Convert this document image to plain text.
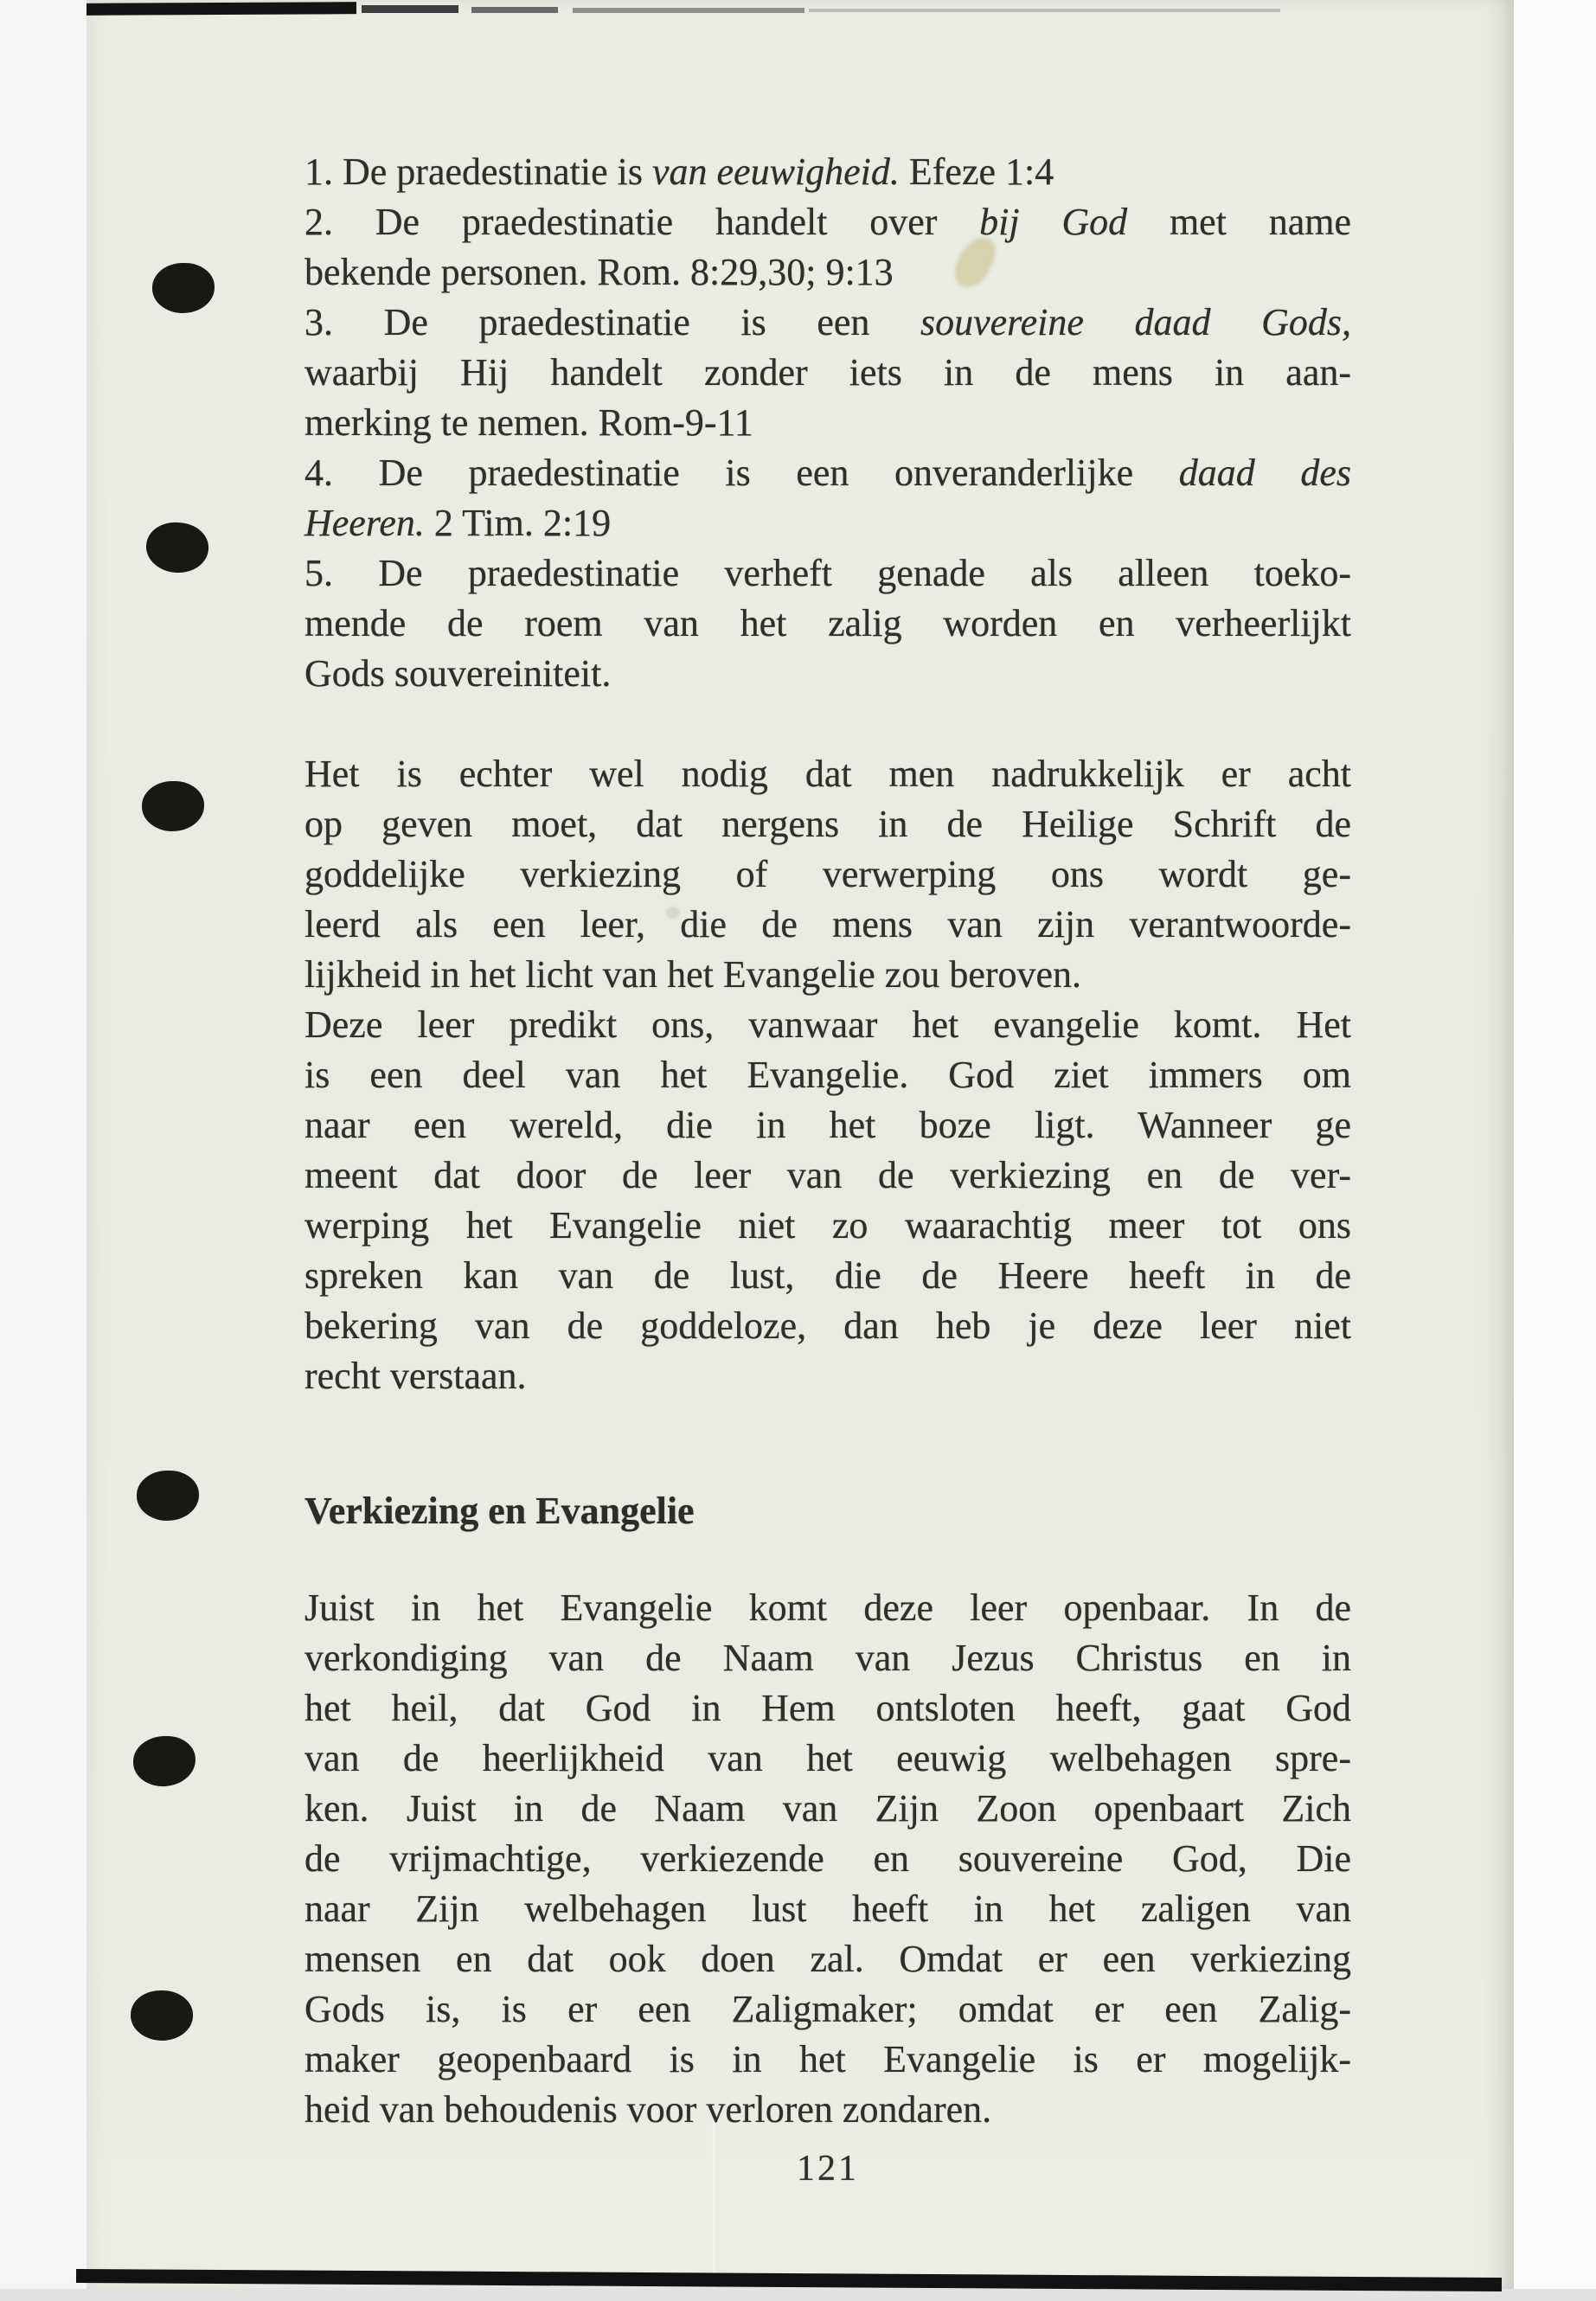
1. De praedestinatie is van eeuwigheid. Efeze 1:4
2. De praedestinatie handelt over bij God met name
bekende personen. Rom. 8:29,30; 9:13
3. De praedestinatie is een souvereine daad Gods,
waarbij Hij handelt zonder iets in de mens in aan-
merking te nemen. Rom-9-11
4. De praedestinatie is een onveranderlijke daad des
Heeren. 2 Tim. 2:19
5. De praedestinatie verheft genade als alleen toeko-
mende de roem van het zalig worden en verheerlijkt
Gods souvereiniteit.
Het is echter wel nodig dat men nadrukkelijk er acht
op geven moet, dat nergens in de Heilige Schrift de
goddelijke verkiezing of verwerping ons wordt ge-
leerd als een leer, die de mens van zijn verantwoorde-
lijkheid in het licht van het Evangelie zou beroven.
Deze leer predikt ons, vanwaar het evangelie komt. Het
is een deel van het Evangelie. God ziet immers om
naar een wereld, die in het boze ligt. Wanneer ge
meent dat door de leer van de verkiezing en de ver-
werping het Evangelie niet zo waarachtig meer tot ons
spreken kan van de lust, die de Heere heeft in de
bekering van de goddeloze, dan heb je deze leer niet
recht verstaan.
Verkiezing en Evangelie
Juist in het Evangelie komt deze leer openbaar. In de
verkondiging van de Naam van Jezus Christus en in
het heil, dat God in Hem ontsloten heeft, gaat God
van de heerlijkheid van het eeuwig welbehagen spre-
ken. Juist in de Naam van Zijn Zoon openbaart Zich
de vrijmachtige, verkiezende en souvereine God, Die
naar Zijn welbehagen lust heeft in het zaligen van
mensen en dat ook doen zal. Omdat er een verkiezing
Gods is, is er een Zaligmaker; omdat er een Zalig-
maker geopenbaard is in het Evangelie is er mogelijk-
heid van behoudenis voor verloren zondaren.
121
